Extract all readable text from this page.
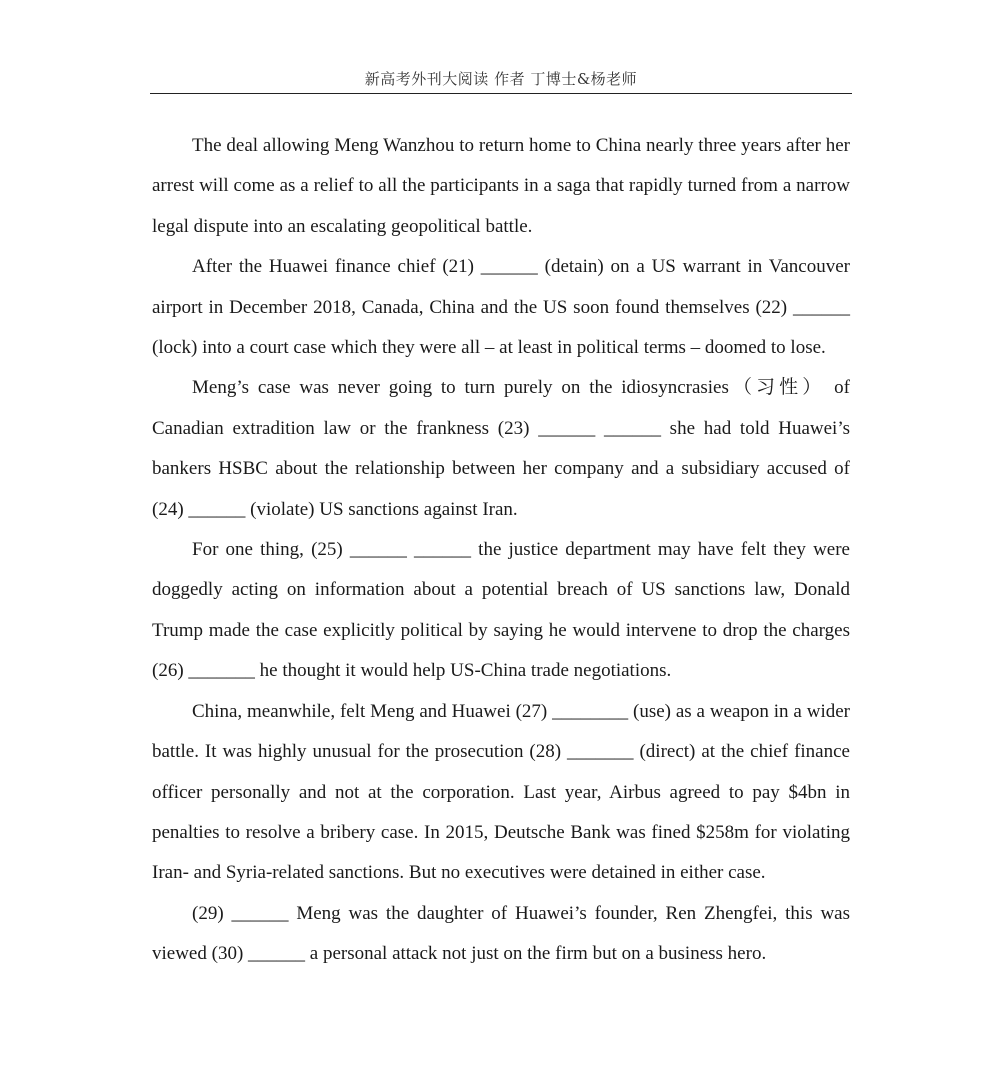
新高考外刊大阅读 作者 丁博士&杨老师

The deal allowing Meng Wanzhou to return home to China nearly three years after her arrest will come as a relief to all the participants in a saga that rapidly turned from a narrow legal dispute into an escalating geopolitical battle.

After the Huawei finance chief (21) ______ (detain) on a US warrant in Vancouver airport in December 2018, Canada, China and the US soon found themselves (22) ______ (lock) into a court case which they were all – at least in political terms – doomed to lose.

Meng’s case was never going to turn purely on the idiosyncrasies（习性） of Canadian extradition law or the frankness (23) ______ ______ she had told Huawei’s bankers HSBC about the relationship between her company and a subsidiary accused of (24) ______ (violate) US sanctions against Iran.

For one thing, (25) ______ ______ the justice department may have felt they were doggedly acting on information about a potential breach of US sanctions law, Donald Trump made the case explicitly political by saying he would intervene to drop the charges (26) _______ he thought it would help US-China trade negotiations.

China, meanwhile, felt Meng and Huawei (27) ________ (use) as a weapon in a wider battle. It was highly unusual for the prosecution (28) _______ (direct) at the chief finance officer personally and not at the corporation. Last year, Airbus agreed to pay $4bn in penalties to resolve a bribery case. In 2015, Deutsche Bank was fined $258m for violating Iran- and Syria-related sanctions. But no executives were detained in either case.

(29) ______ Meng was the daughter of Huawei’s founder, Ren Zhengfei, this was viewed (30) ______ a personal attack not just on the firm but on a business hero.
